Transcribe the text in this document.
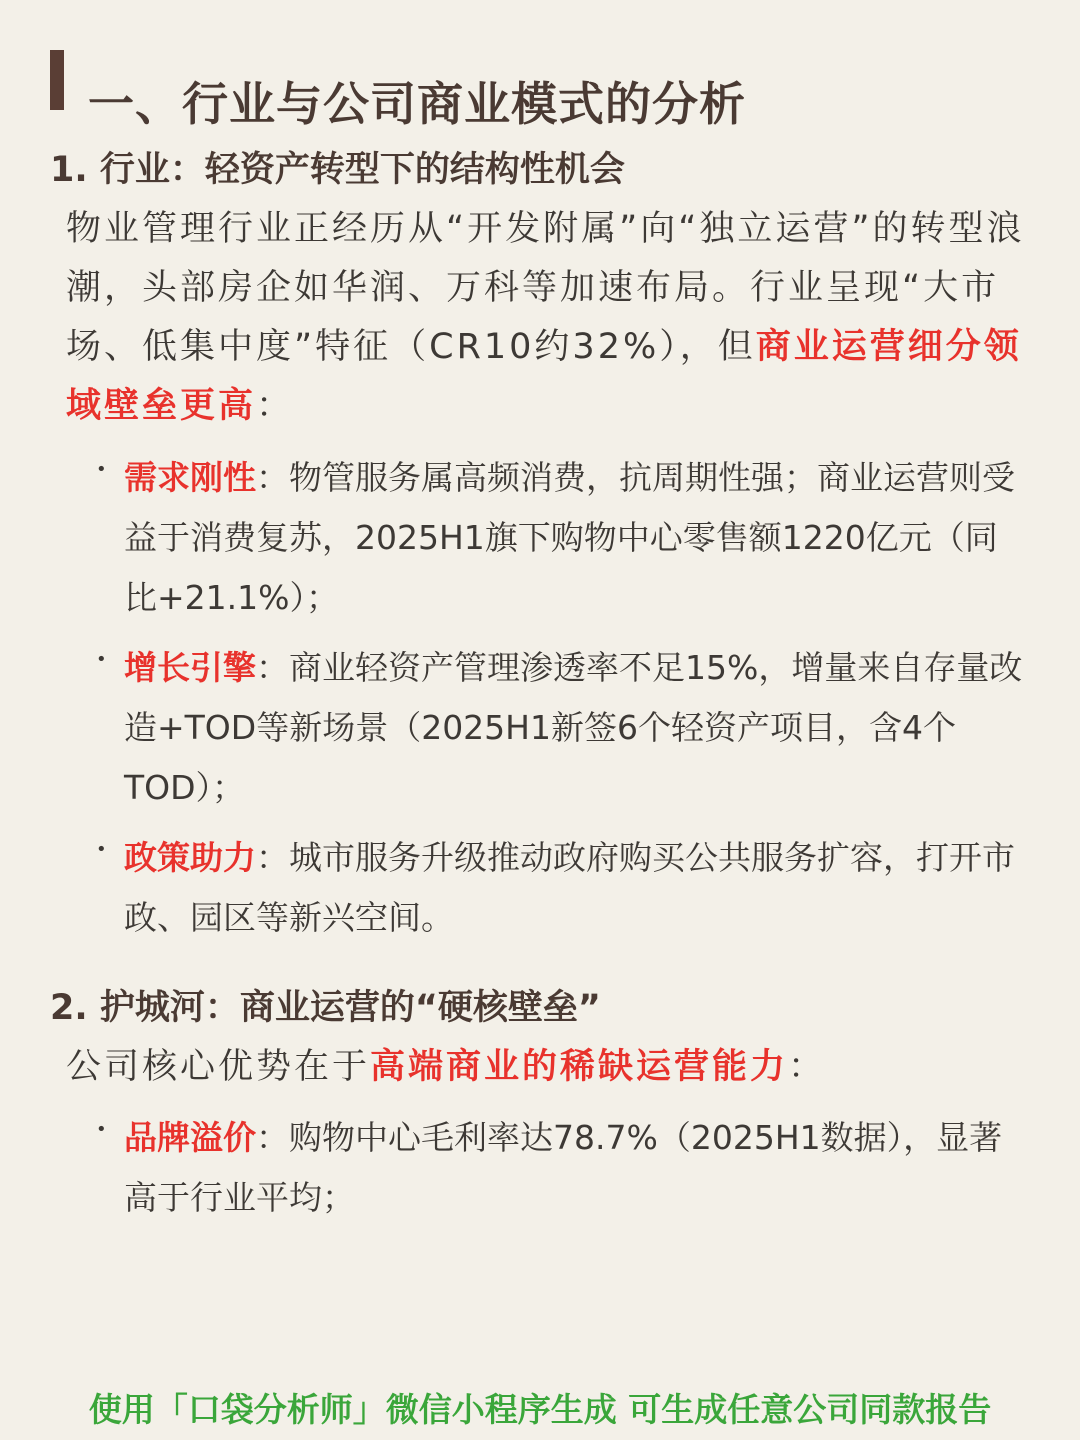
一、行业与公司商业模式的分析
1. 行业：轻资产转型下的结构性机会
物业管理行业正经历从“开发附属”向“独立运营”的转型浪潮，头部房企如华润、万科等加速布局。行业呈现“大市场、低集中度”特征（CR10约32%），但商业运营细分领域壁垒更高：
• 需求刚性：物管服务属高频消费，抗周期性强；商业运营则受益于消费复苏，2025H1旗下购物中心零售额1220亿元（同比+21.1%）；
• 增长引擎：商业轻资产管理渗透率不足15%，增量来自存量改造+TOD等新场景（2025H1新签6个轻资产项目，含4个TOD）；
• 政策助力：城市服务升级推动政府购买公共服务扩容，打开市政、园区等新兴空间。
2. 护城河：商业运营的“硬核壁垒”
公司核心优势在于高端商业的稀缺运营能力：
• 品牌溢价：购物中心毛利率达78.7%（2025H1数据），显著高于行业平均；
使用「口袋分析师」微信小程序生成 可生成任意公司同款报告
